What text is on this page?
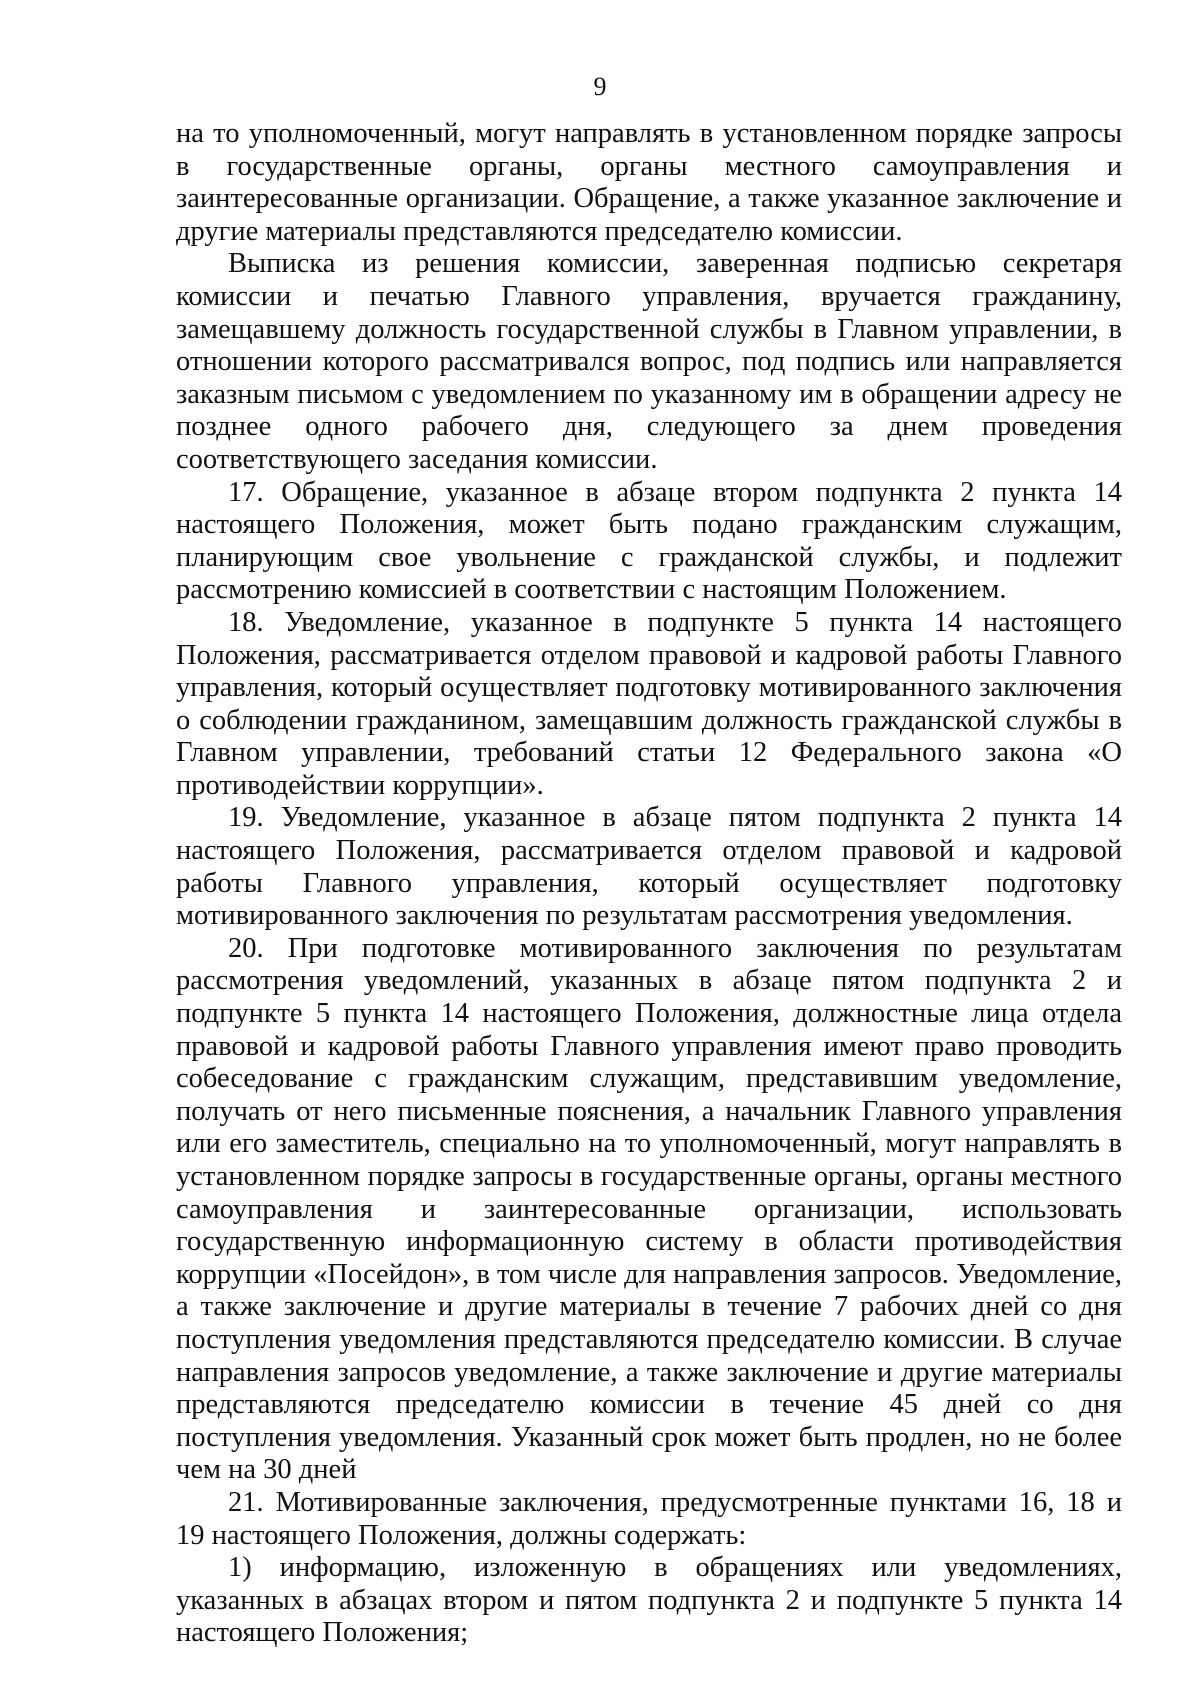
9

на то уполномоченный, могут направлять в установленном порядке запросы в государственные органы, органы местного самоуправления и заинтересованные организации. Обращение, а также указанное заключение и другие материалы представляются председателю комиссии.

Выписка из решения комиссии, заверенная подписью секретаря комиссии и печатью Главного управления, вручается гражданину, замещавшему должность государственной службы в Главном управлении, в отношении которого рассматривался вопрос, под подпись или направляется заказным письмом с уведомлением по указанному им в обращении адресу не позднее одного рабочего дня, следующего за днем проведения соответствующего заседания комиссии.

17. Обращение, указанное в абзаце втором подпункта 2 пункта 14 настоящего Положения, может быть подано гражданским служащим, планирующим свое увольнение с гражданской службы, и подлежит рассмотрению комиссией в соответствии с настоящим Положением.

18. Уведомление, указанное в подпункте 5 пункта 14 настоящего Положения, рассматривается отделом правовой и кадровой работы Главного управления, который осуществляет подготовку мотивированного заключения о соблюдении гражданином, замещавшим должность гражданской службы в Главном управлении, требований статьи 12 Федерального закона «О противодействии коррупции».

19. Уведомление, указанное в абзаце пятом подпункта 2 пункта 14 настоящего Положения, рассматривается отделом правовой и кадровой работы Главного управления, который осуществляет подготовку мотивированного заключения по результатам рассмотрения уведомления.

20. При подготовке мотивированного заключения по результатам рассмотрения уведомлений, указанных в абзаце пятом подпункта 2 и подпункте 5 пункта 14 настоящего Положения, должностные лица отдела правовой и кадровой работы Главного управления имеют право проводить собеседование с гражданским служащим, представившим уведомление, получать от него письменные пояснения, а начальник Главного управления или его заместитель, специально на то уполномоченный, могут направлять в установленном порядке запросы в государственные органы, органы местного самоуправления и заинтересованные организации, использовать государственную информационную систему в области противодействия коррупции «Посейдон», в том числе для направления запросов. Уведомление, а также заключение и другие материалы в течение 7 рабочих дней со дня поступления уведомления представляются председателю комиссии. В случае направления запросов уведомление, а также заключение и другие материалы представляются председателю комиссии в течение 45 дней со дня поступления уведомления. Указанный срок может быть продлен, но не более чем на 30 дней

21. Мотивированные заключения, предусмотренные пунктами 16, 18 и 19 настоящего Положения, должны содержать:

1) информацию, изложенную в обращениях или уведомлениях, указанных в абзацах втором и пятом подпункта 2 и подпункте 5 пункта 14 настоящего Положения;
